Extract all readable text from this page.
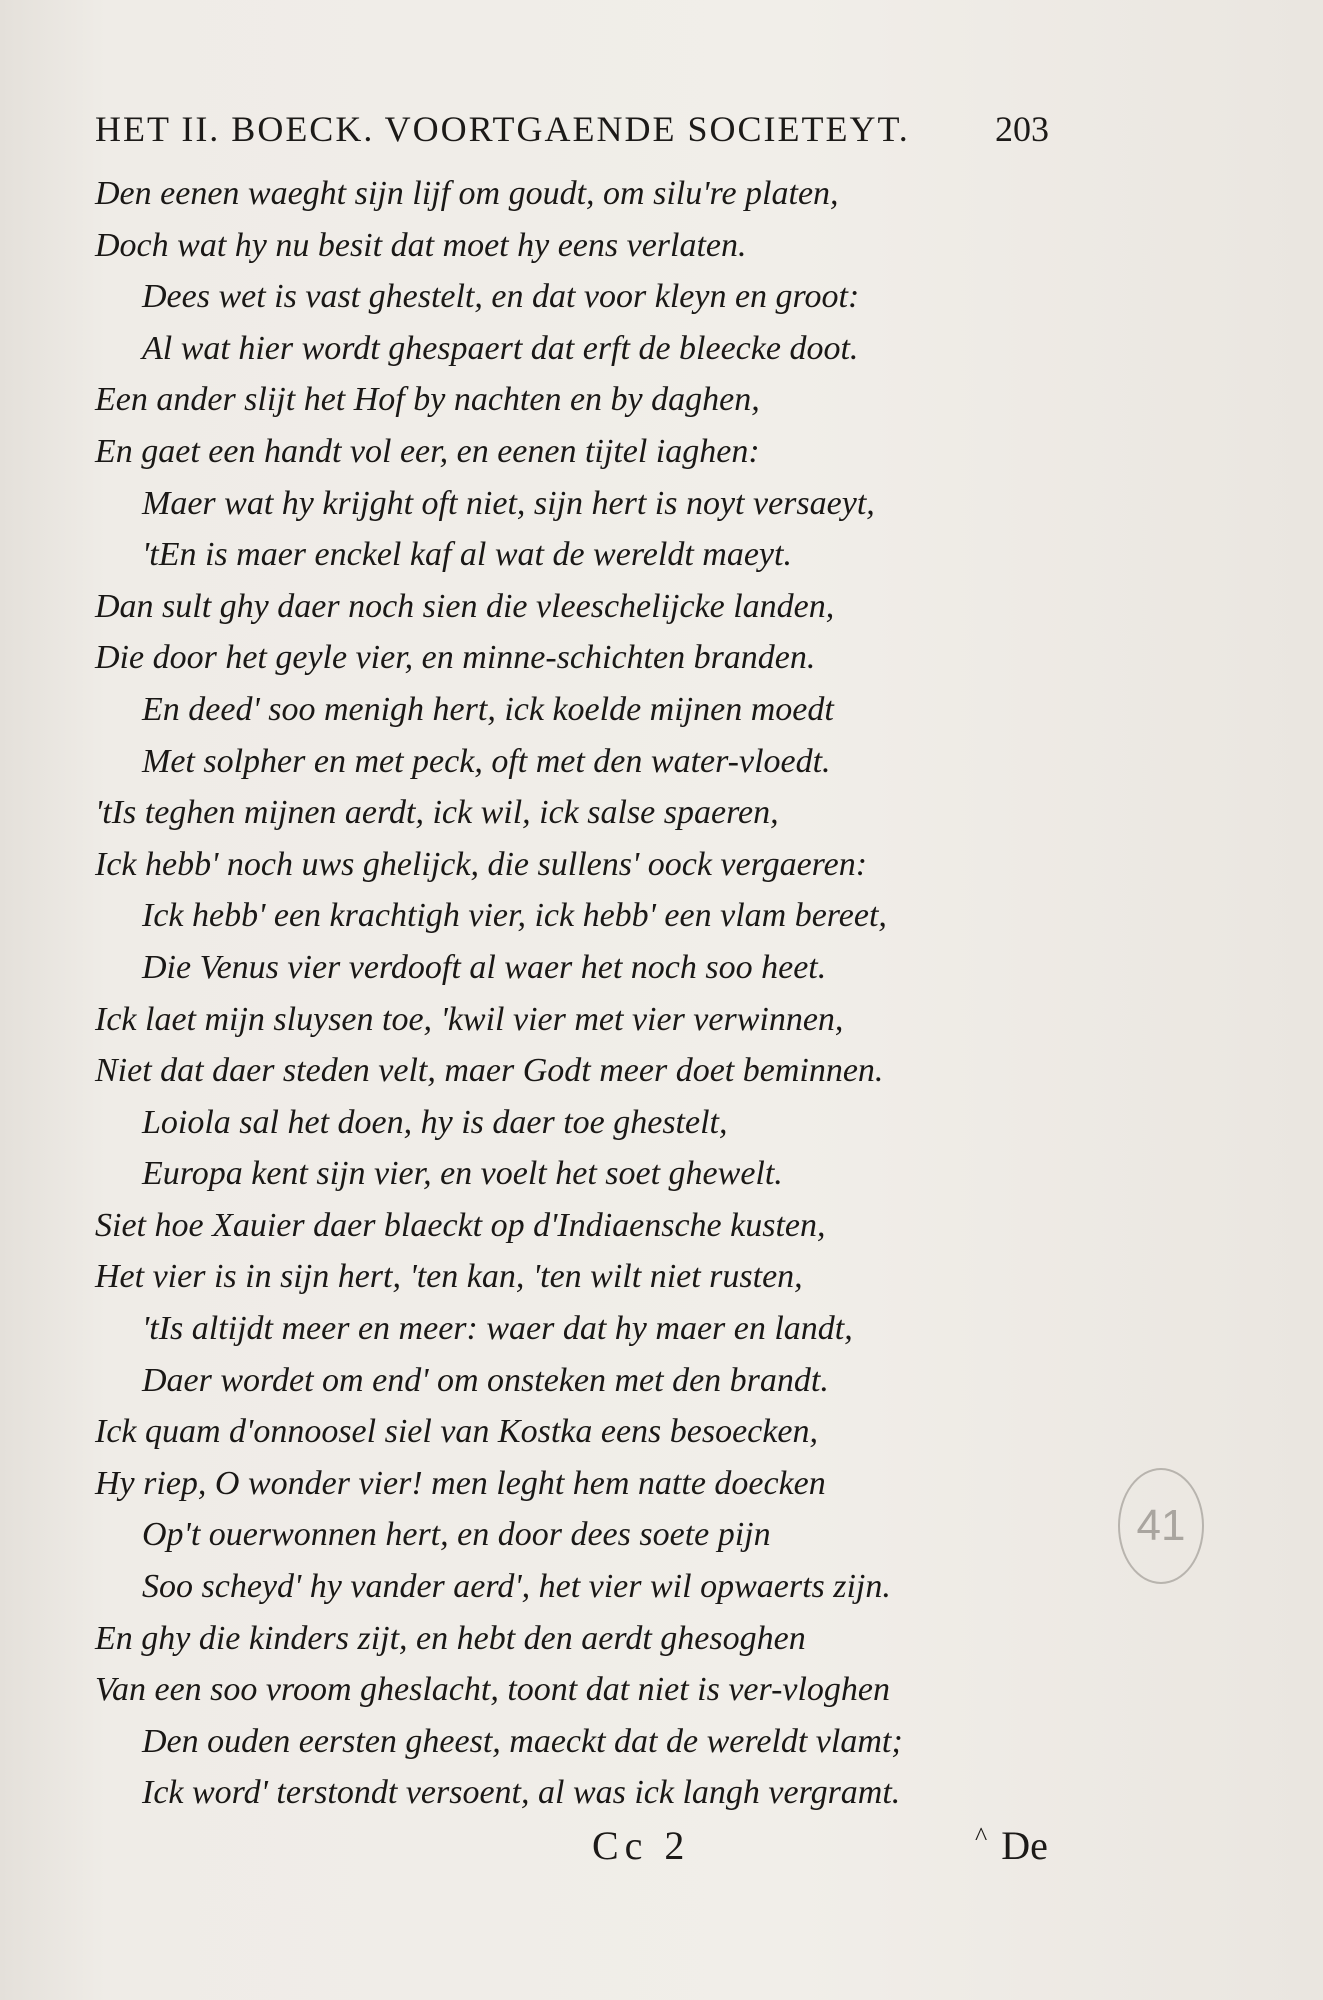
HET II. BOECK. VOORTGAENDE SOCIETEYT. 203
Den eenen waeght sijn lijf om goudt, om silu're platen,
Doch wat hy nu besit dat moet hy eens verlaten.
Dees wet is vast ghestelt, en dat voor kleyn en groot:
Al wat hier wordt ghespaert dat erft de bleecke doot.
Een ander slijt het Hof by nachten en by daghen,
En gaet een handt vol eer, en eenen tijtel iaghen:
Maer wat hy krijght oft niet, sijn hert is noyt versaeyt,
'tEn is maer enckel kaf al wat de wereldt maeyt.
Dan sult ghy daer noch sien die vleeschelijcke landen,
Die door het geyle vier, en minne-schichten branden.
En deed' soo menigh hert, ick koelde mijnen moedt
Met solpher en met peck, oft met den water-vloedt.
'tIs teghen mijnen aerdt, ick wil, ick salse spaeren,
Ick hebb' noch uws ghelijck, die sullens' oock vergaeren:
Ick hebb' een krachtigh vier, ick hebb' een vlam bereet,
Die Venus vier verdooft al waer het noch soo heet.
Ick laet mijn sluysen toe, 'kwil vier met vier verwinnen,
Niet dat daer steden velt, maer Godt meer doet beminnen.
Loiola sal het doen, hy is daer toe ghestelt,
Europa kent sijn vier, en voelt het soet ghewelt.
Siet hoe Xauier daer blaeckt op d'Indiaensche kusten,
Het vier is in sijn hert, 'ten kan, 'ten wilt niet rusten,
'tIs altijdt meer en meer: waer dat hy maer en landt,
Daer wordet om end' om onsteken met den brandt.
Ick quam d'onnoosel siel van Kostka eens besoecken,
Hy riep, O wonder vier! men leght hem natte doecken
Op't ouerwonnen hert, en door dees soete pijn
Soo scheyd' hy vander aerd', het vier wil opwaerts zijn.
En ghy die kinders zijt, en hebt den aerdt ghesoghen
Van een soo vroom gheslacht, toont dat niet is ver-vloghen
Den ouden eersten gheest, maeckt dat de wereldt vlamt;
Ick word' terstondt versoent, al was ick langh vergramt.
Cc 2	^ De
41
